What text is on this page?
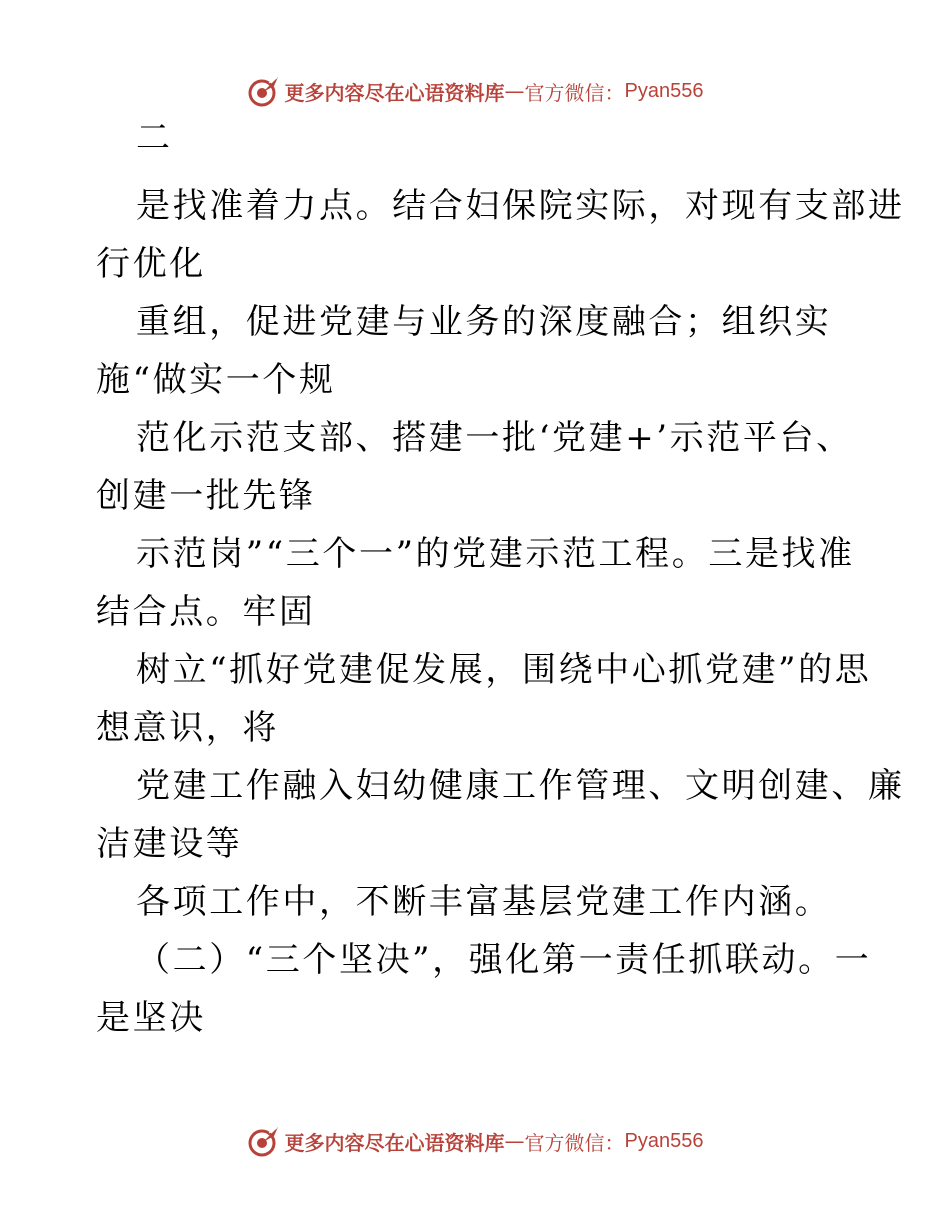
更多内容尽在心语资料库 — 官方微信： Pyan556
二
是找准着力点。结合妇保院实际，对现有支部进
行优化
重组，促进党建与业务的深度融合；组织实
施“做实一个规
范化示范支部、搭建一批‘党建+’示范平台、
创建一批先锋
示范岗”“三个一”的党建示范工程。三是找准
结合点。牢固
树立“抓好党建促发展，围绕中心抓党建”的思
想意识，将
党建工作融入妇幼健康工作管理、文明创建、廉
洁建设等
各项工作中，不断丰富基层党建工作内涵。
（二）“三个坚决”，强化第一责任抓联动。一
是坚决
更多内容尽在心语资料库 — 官方微信： Pyan556
